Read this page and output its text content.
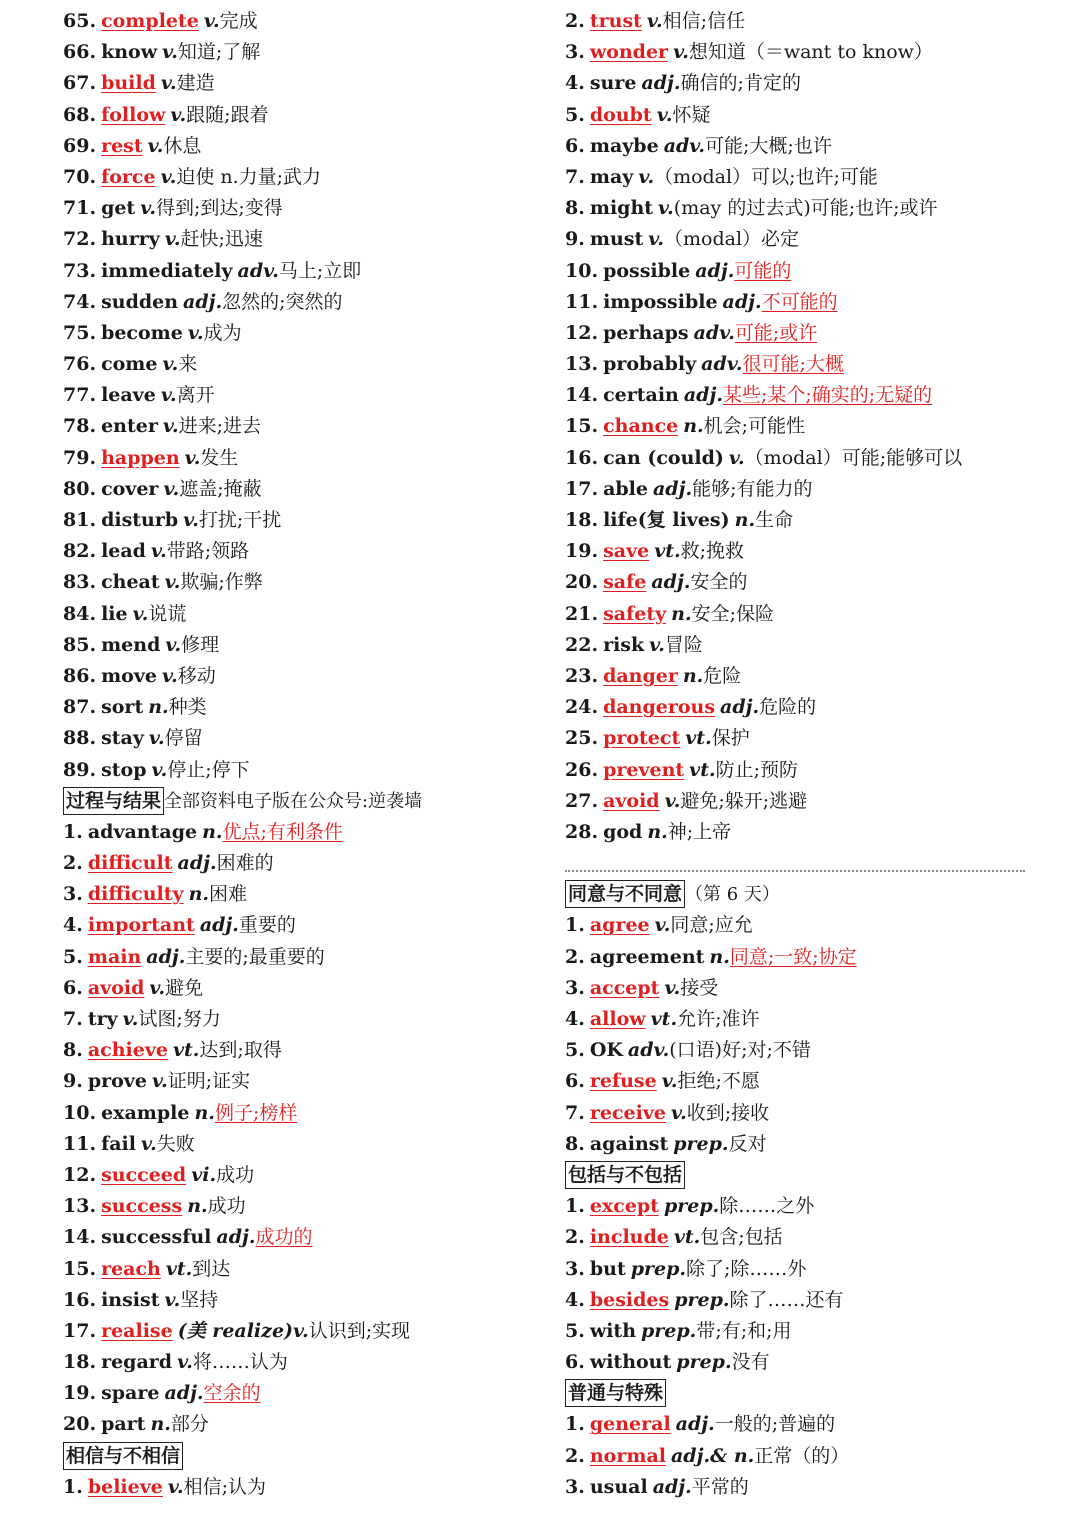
65. complete v.完成
66. know v.知道;了解
67. build v.建造
68. follow v.跟随;跟着
69. rest v.休息
70. force v.迫使 n.力量;武力
71. get v.得到;到达;变得
72. hurry v.赶快;迅速
73. immediately adv.马上;立即
74. sudden adj.忽然的;突然的
75. become v.成为
76. come v.来
77. leave v.离开
78. enter v.进来;进去
79. happen v.发生
80. cover v.遮盖;掩蔽
81. disturb v.打扰;干扰
82. lead v.带路;领路
83. cheat v.欺骗;作弊
84. lie v.说谎
85. mend v.修理
86. move v.移动
87. sort n.种类
88. stay v.停留
89. stop v.停止;停下
过程与结果 全部资料电子版在公众号:逆袭墙
1. advantage n.优点;有利条件
2. difficult adj.困难的
3. difficulty n.困难
4. important adj.重要的
5. main adj.主要的;最重要的
6. avoid v.避免
7. try v.试图;努力
8. achieve vt.达到;取得
9. prove v.证明;证实
10. example n.例子;榜样
11. fail v.失败
12. succeed vi.成功
13. success n.成功
14. successful adj.成功的
15. reach vt.到达
16. insist v.坚持
17. realise (美 realize)v.认识到;实现
18. regard v.将……认为
19. spare adj.空余的
20. part n.部分
相信与不相信
1. believe v.相信;认为
2. trust v.相信;信任
3. wonder v.想知道（＝want to know）
4. sure adj.确信的;肯定的
5. doubt v.怀疑
6. maybe adv.可能;大概;也许
7. may v.（modal）可以;也许;可能
8. might v.(may 的过去式)可能;也许;或许
9. must v.（modal）必定
10. possible adj.可能的
11. impossible adj.不可能的
12. perhaps adv.可能;或许
13. probably adv.很可能;大概
14. certain adj.某些;某个;确实的;无疑的
15. chance n.机会;可能性
16. can (could) v.（modal）可能;能够可以
17. able adj.能够;有能力的
18. life(复 lives) n.生命
19. save vt.救;挽救
20. safe adj.安全的
21. safety n.安全;保险
22. risk v.冒险
23. danger n.危险
24. dangerous adj.危险的
25. protect vt.保护
26. prevent vt.防止;预防
27. avoid v.避免;躲开;逃避
28. god n.神;上帝
同意与不同意 （第 6 天）
1. agree v.同意;应允
2. agreement n.同意;一致;协定
3. accept v.接受
4. allow vt.允许;准许
5. OK adv.(口语)好;对;不错
6. refuse v.拒绝;不愿
7. receive v.收到;接收
8. against prep.反对
包括与不包括
1. except prep.除……之外
2. include vt.包含;包括
3. but prep.除了;除……外
4. besides prep.除了……还有
5. with prep.带;有;和;用
6. without prep.没有
普通与特殊
1. general adj.一般的;普遍的
2. normal adj.& n.正常（的）
3. usual adj.平常的
